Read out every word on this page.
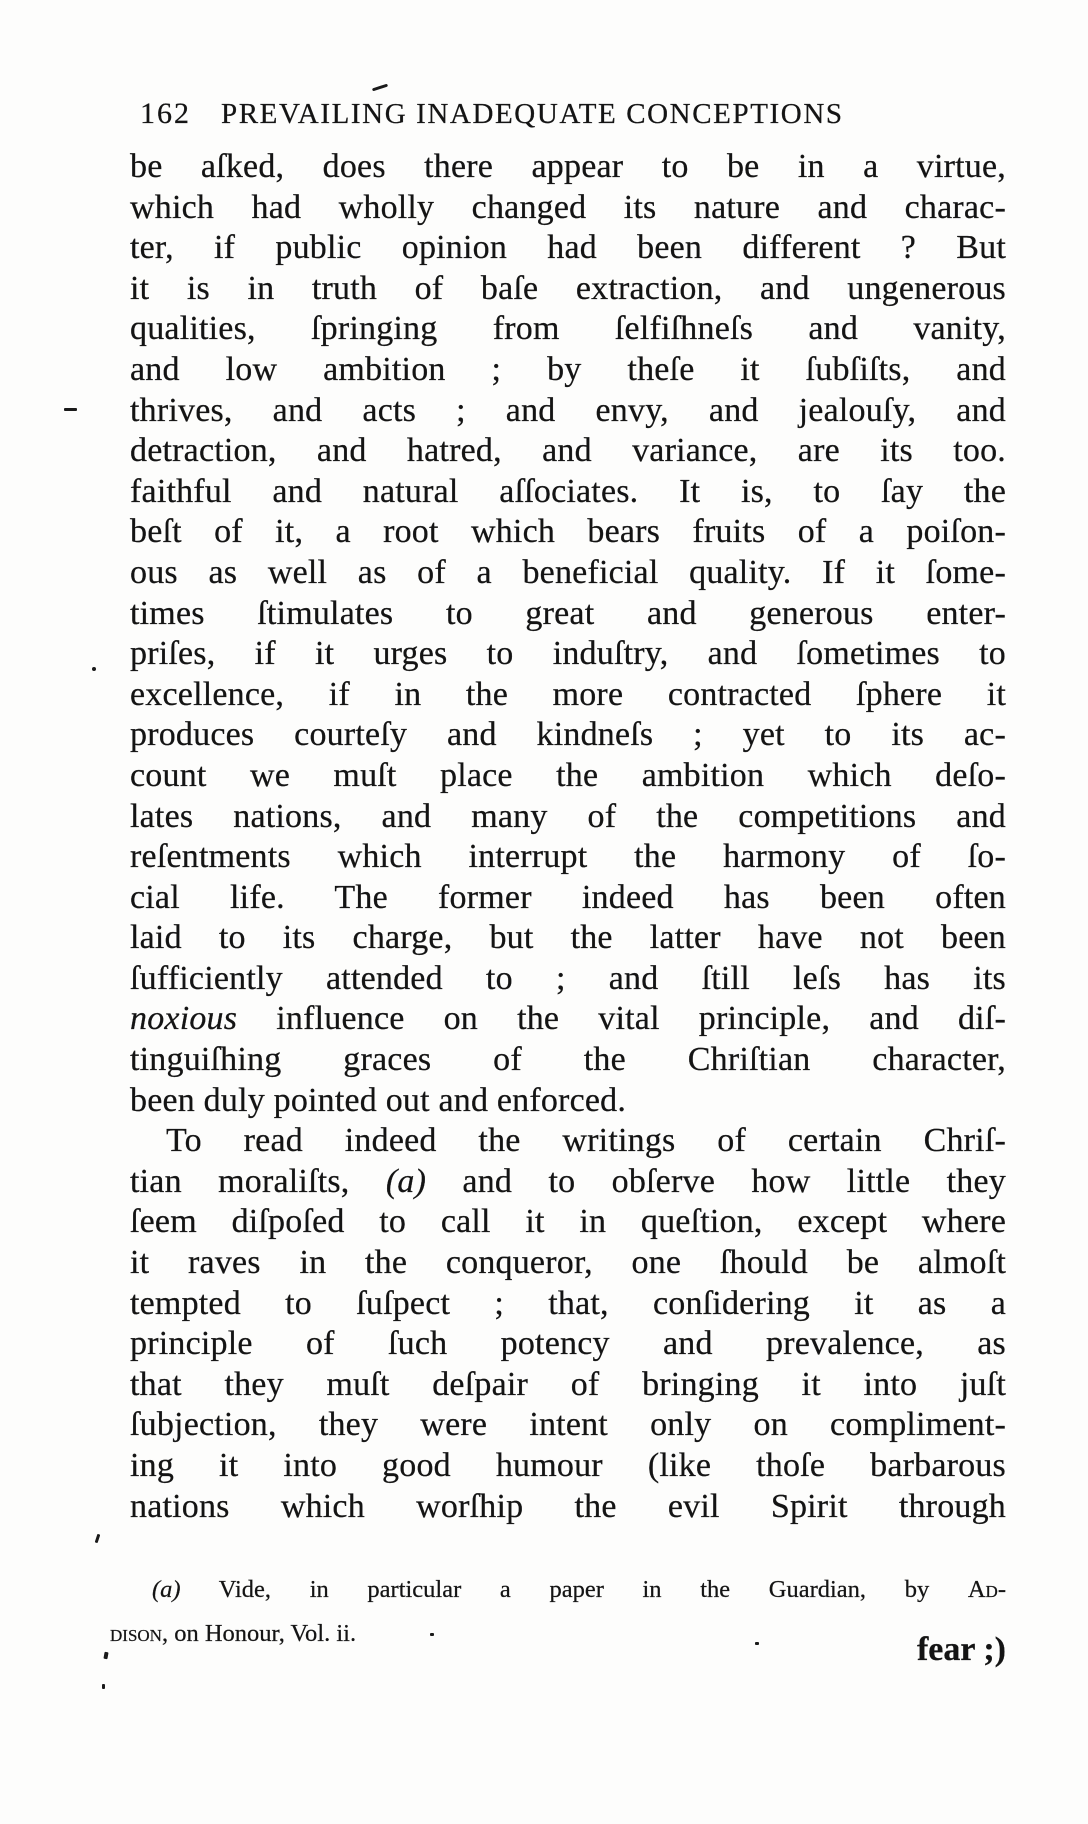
162 PREVAILING INADEQUATE CONCEPTIONS
be aſked, does there appear to be in a virtue,
which had wholly changed its nature and charac-
ter, if public opinion had been different ? But
it is in truth of baſe extraction, and ungenerous
qualities, ſpringing from ſelfiſhneſs and vanity,
and low ambition ; by theſe it ſubſiſts, and
thrives, and acts ; and envy, and jealouſy, and
detraction, and hatred, and variance, are its too.
faithful and natural aſſociates. It is, to ſay the
beſt of it, a root which bears fruits of a poiſon-
ous as well as of a beneficial quality. If it ſome-
times ſtimulates to great and generous enter-
priſes, if it urges to induſtry, and ſometimes to
excellence, if in the more contracted ſphere it
produces courteſy and kindneſs ; yet to its ac-
count we muſt place the ambition which deſo-
lates nations, and many of the competitions and
reſentments which interrupt the harmony of ſo-
cial life. The former indeed has been often
laid to its charge, but the latter have not been
ſufficiently attended to ; and ſtill leſs has its
noxious influence on the vital principle, and diſ-
tinguiſhing graces of the Chriſtian character,
been duly pointed out and enforced.
To read indeed the writings of certain Chriſ-
tian moraliſts, (a) and to obſerve how little they
ſeem diſpoſed to call it in queſtion, except where
it raves in the conqueror, one ſhould be almoſt
tempted to ſuſpect ; that, conſidering it as a
principle of ſuch potency and prevalence, as
that they muſt deſpair of bringing it into juſt
ſubjection, they were intent only on compliment-
ing it into good humour (like thoſe barbarous
nations which worſhip the evil Spirit through
(a) Vide, in particular a paper in the Guardian, by Ad-
dison, on Honour, Vol. ii.	fear ;)
